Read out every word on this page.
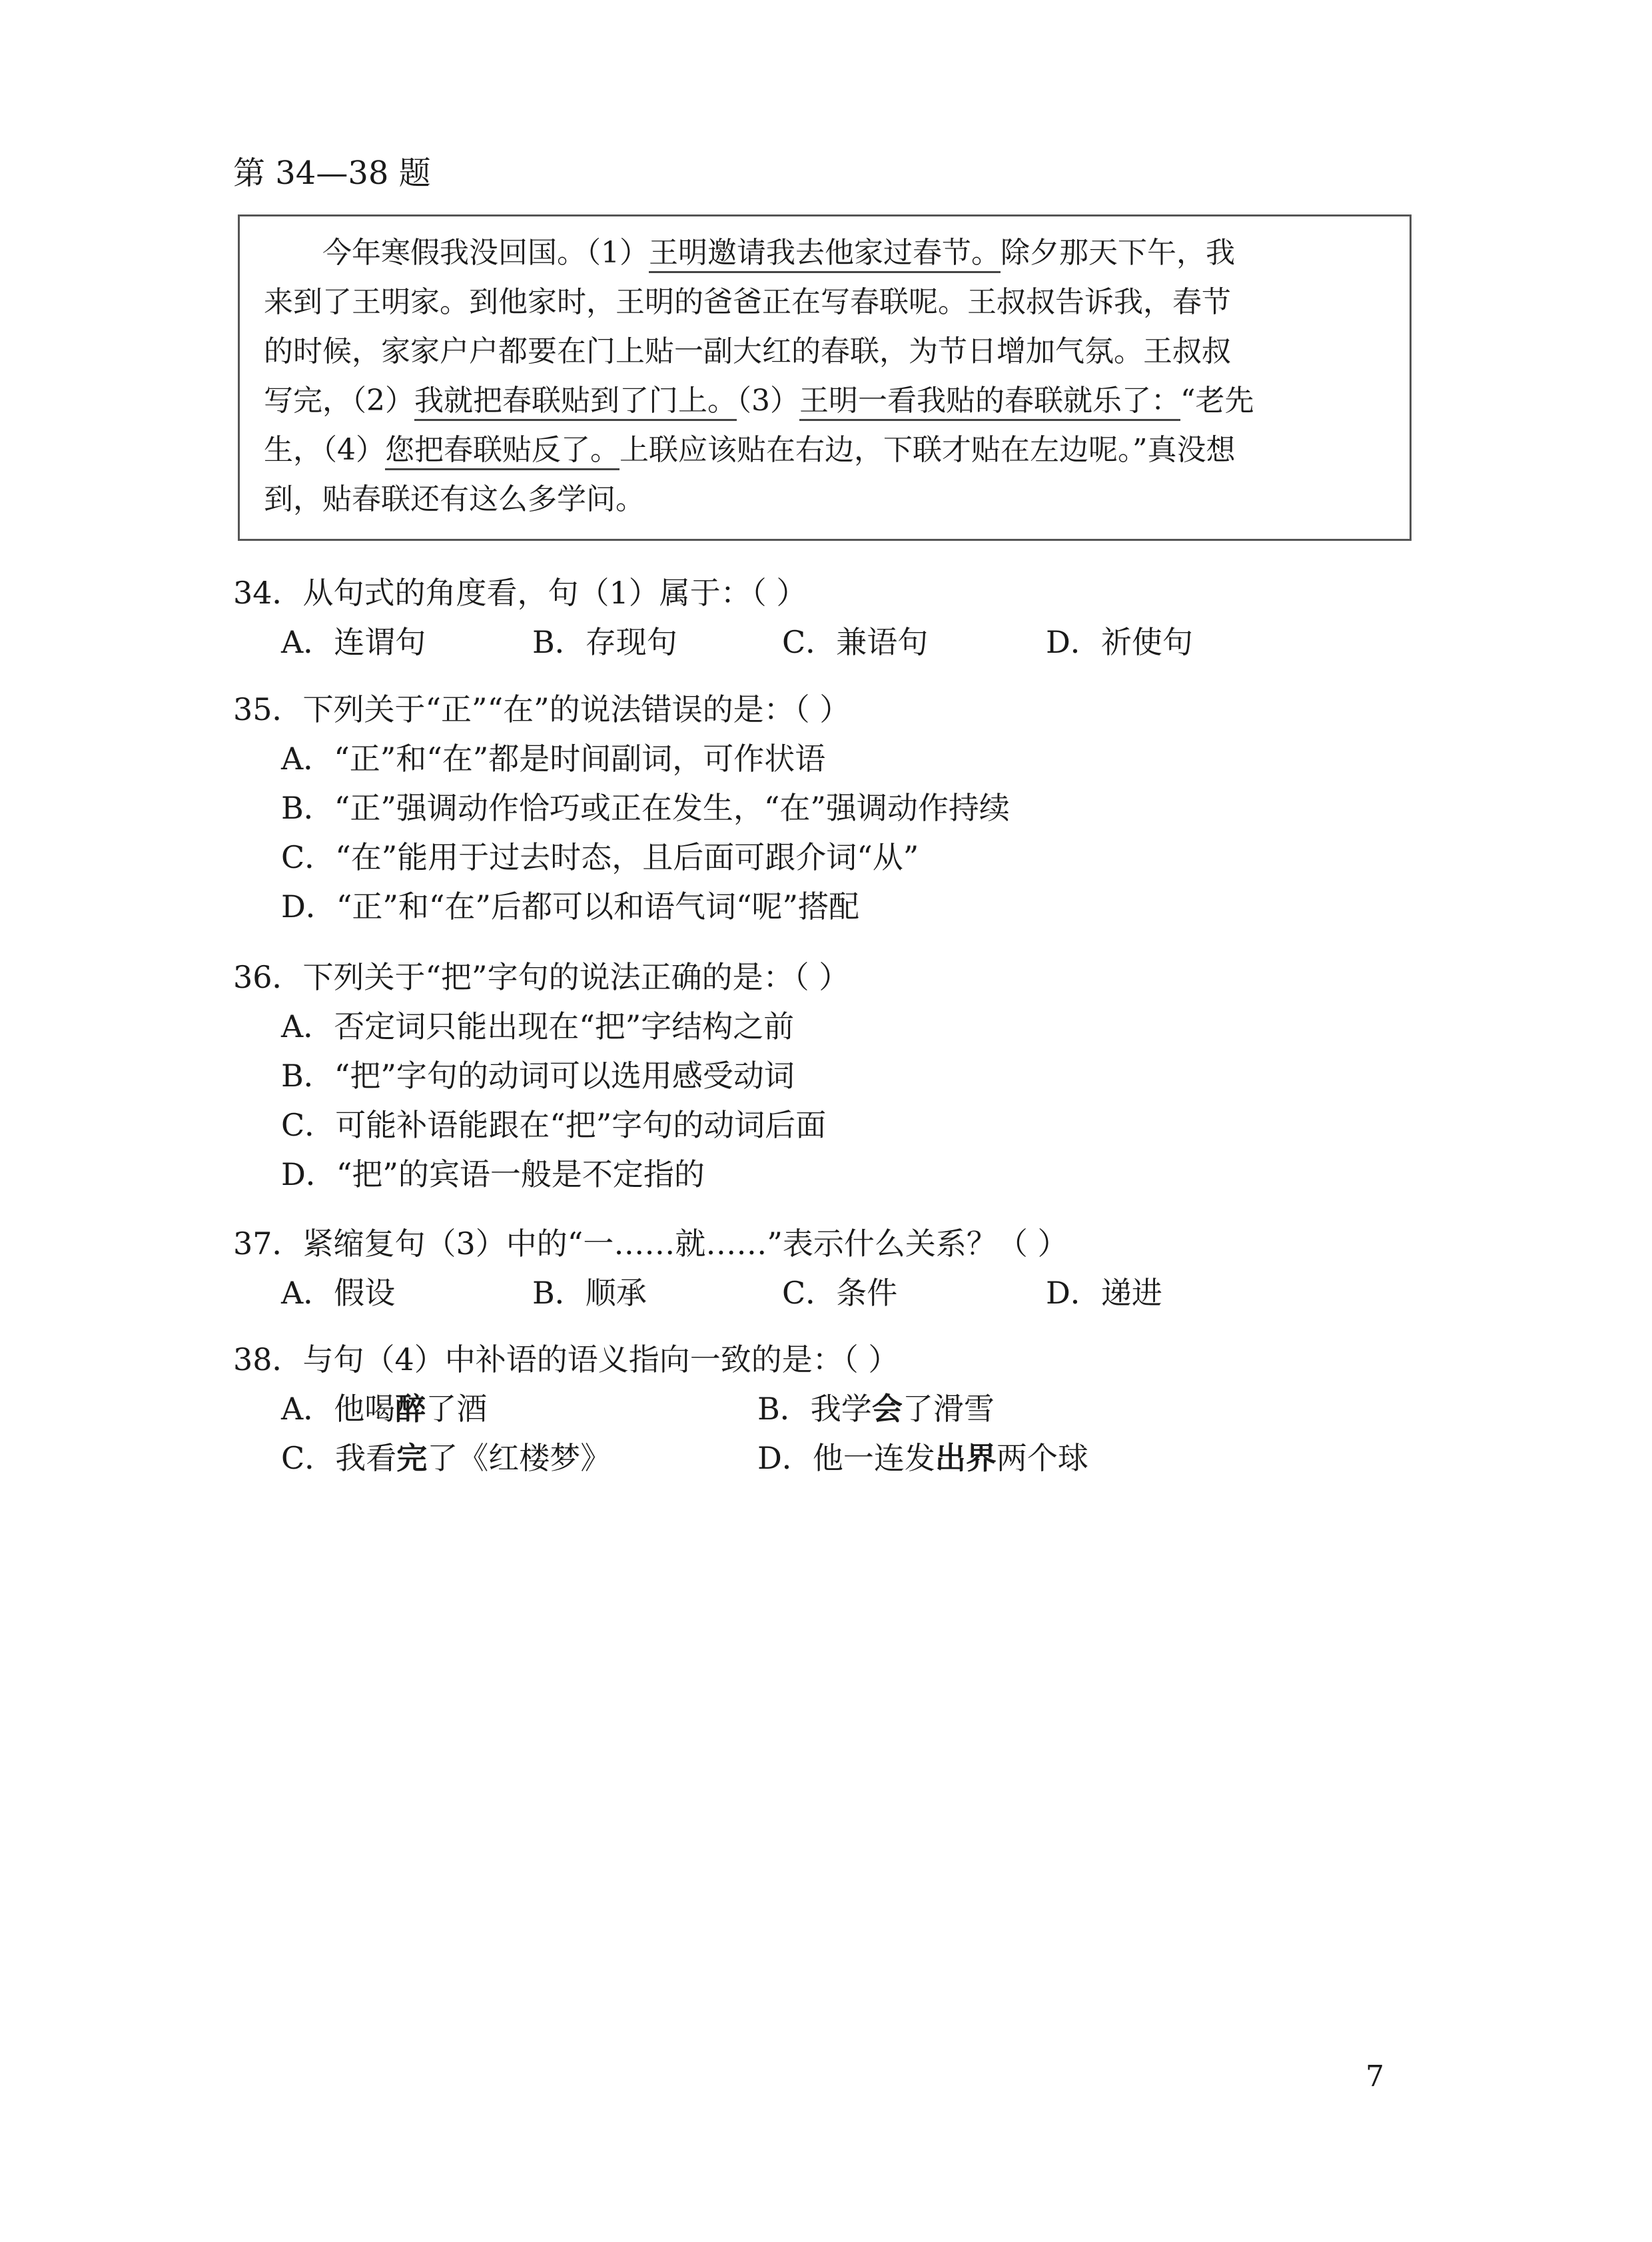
第 34—38 题
今年寒假我没回国。（1）王明邀请我去他家过春节。除夕那天下午，我
来到了王明家。到他家时，王明的爸爸正在写春联呢。王叔叔告诉我，春节
的时候，家家户户都要在门上贴一副大红的春联，为节日增加气氛。王叔叔
写完，（2）我就把春联贴到了门上。（3）王明一看我贴的春联就乐了：“老先
生，（4）您把春联贴反了。上联应该贴在右边，下联才贴在左边呢。”真没想
到，贴春联还有这么多学问。
34．从句式的角度看，句（1）属于：（ ）
A．连谓句	B．存现句	C．兼语句	D．祈使句
35．下列关于“正”“在”的说法错误的是：（ ）
A．“正”和“在”都是时间副词，可作状语
B．“正”强调动作恰巧或正在发生，“在”强调动作持续
C．“在”能用于过去时态，且后面可跟介词“从”
D．“正”和“在”后都可以和语气词“呢”搭配
36．下列关于“把”字句的说法正确的是：（ ）
A．否定词只能出现在“把”字结构之前
B．“把”字句的动词可以选用感受动词
C．可能补语能跟在“把”字句的动词后面
D．“把”的宾语一般是不定指的
37．紧缩复句（3）中的“一……就……”表示什么关系？（ ）
A．假设	B．顺承	C．条件	D．递进
38．与句（4）中补语的语义指向一致的是：（ ）
A．他喝醉了酒	B．我学会了滑雪
C．我看完了《红楼梦》	D．他一连发出界两个球
7
